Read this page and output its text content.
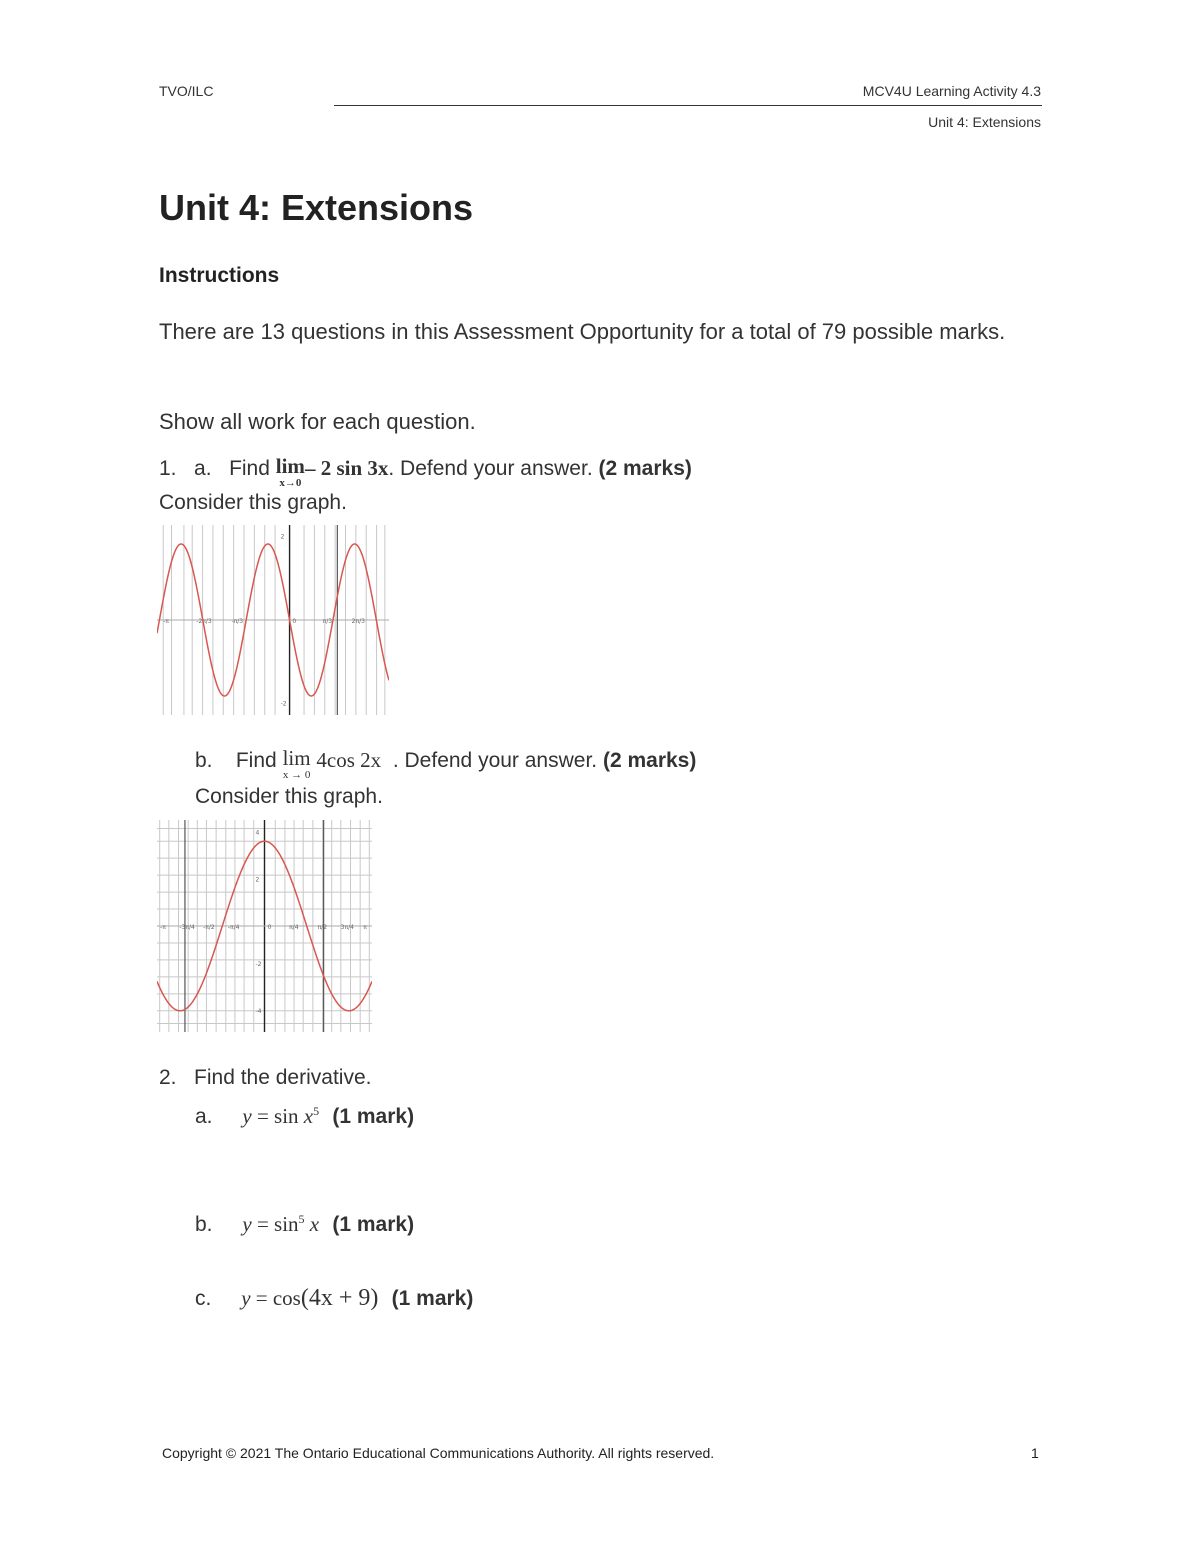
TVO/ILC	MCV4U Learning Activity 4.3
Unit 4: Extensions
Unit 4: Extensions
Instructions
There are 13 questions in this Assessment Opportunity for a total of 79 possible marks.
Show all work for each question.
1. a. Find lim
x→0
– 2 sin 3x. Defend your answer. (2 marks)
Consider this graph.
-π	-2π/3	-π/3	0	π/3	2π/3
2
-2
b. Find lim
x → 0
4cos 2x . Defend your answer. (2 marks)
Consider this graph.
-π -3π/4 -π/2 -π/4	0	π/4	π/2 3π/4 π
4
2
-2
-4
2. Find the derivative.
a. $y = \sin x^5$ (1 mark)
b. $y = \sin^5 x$ (1 mark)
c. y = cos(4x + 9) (1 mark)
Copyright © 2021 The Ontario Educational Communications Authority. All rights reserved.	1
